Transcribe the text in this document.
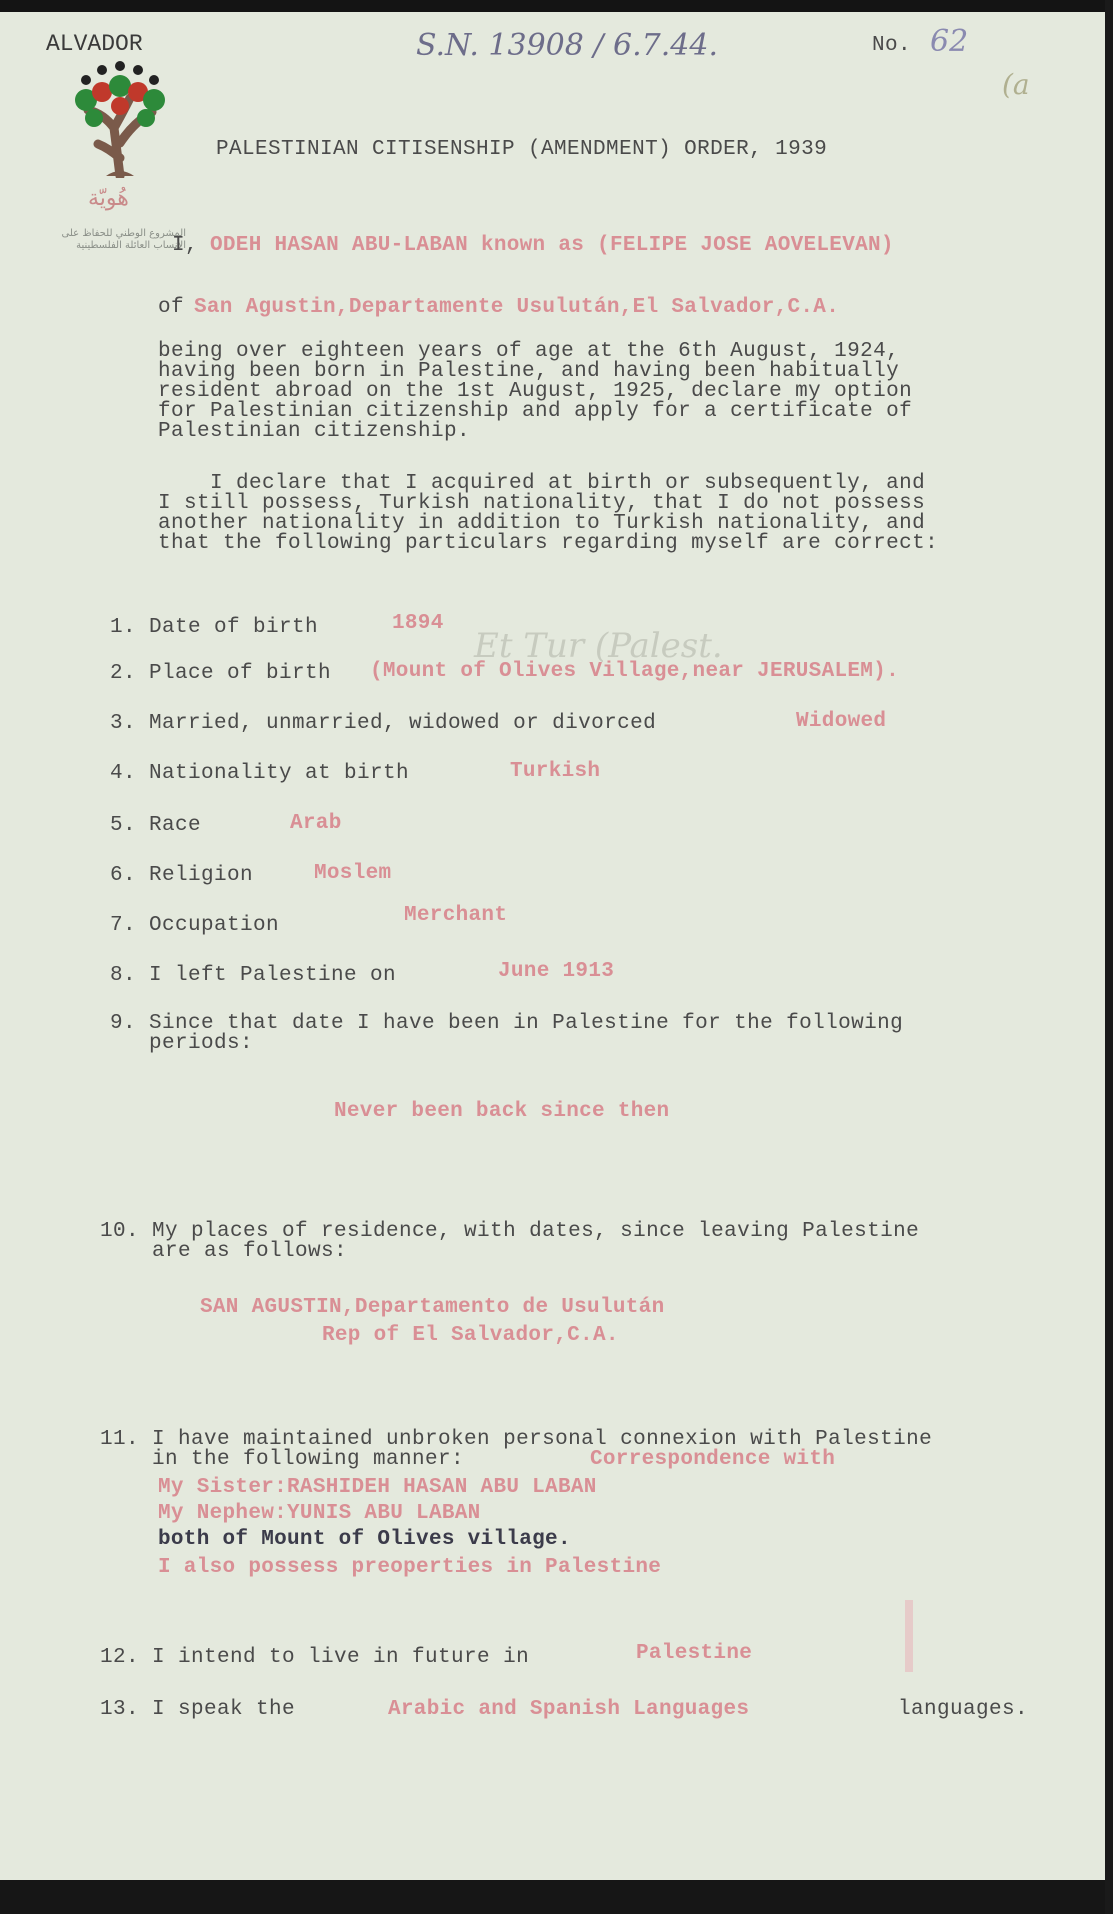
ALVADOR
هُويّة
المشروع الوطني للحفاظ على الأنساب العائلة الفلسطينية
S.N. 13908 / 6.7.44.	No. 62
(a
PALESTINIAN CITISENSHIP (AMENDMENT) ORDER, 1939
I, ODEH HASAN ABU-LABAN known as (FELIPE JOSE AOVELEVAN)
of San Agustin,Departamente Usulután,El Salvador,C.A.
being over eighteen years of age at the 6th August, 1924,
having been born in Palestine, and having been habitually
resident abroad on the 1st August, 1925, declare my option
for Palestinian citizenship and apply for a certificate of
Palestinian citizenship.
I declare that I acquired at birth or subsequently, and
I still possess, Turkish nationality, that I do not possess
another nationality in addition to Turkish nationality, and
that the following particulars regarding myself are correct:
1. Date of birth	1894
Et Tur (Palest.
2. Place of birth (Mount of Olives Village,near JERUSALEM).
3. Married, unmarried, widowed or divorced	Widowed
4. Nationality at birth	Turkish
5. Race	Arab
6. Religion	Moslem
7. Occupation	Merchant
8. I left Palestine on	June 1913
9. Since that date I have been in Palestine for the following
periods:
Never been back since then
10. My places of residence, with dates, since leaving Palestine
are as follows:
SAN AGUSTIN,Departamento de Usulután
Rep of El Salvador,C.A.
11. I have maintained unbroken personal connexion with Palestine
in the following manner:	Correspondence with
My Sister:RASHIDEH HASAN ABU LABAN
My Nephew:YUNIS ABU LABAN
both of Mount of Olives village.
I also possess preoperties in Palestine
12. I intend to live in future in	Palestine
13. I speak the	Arabic and Spanish Languages	languages.
